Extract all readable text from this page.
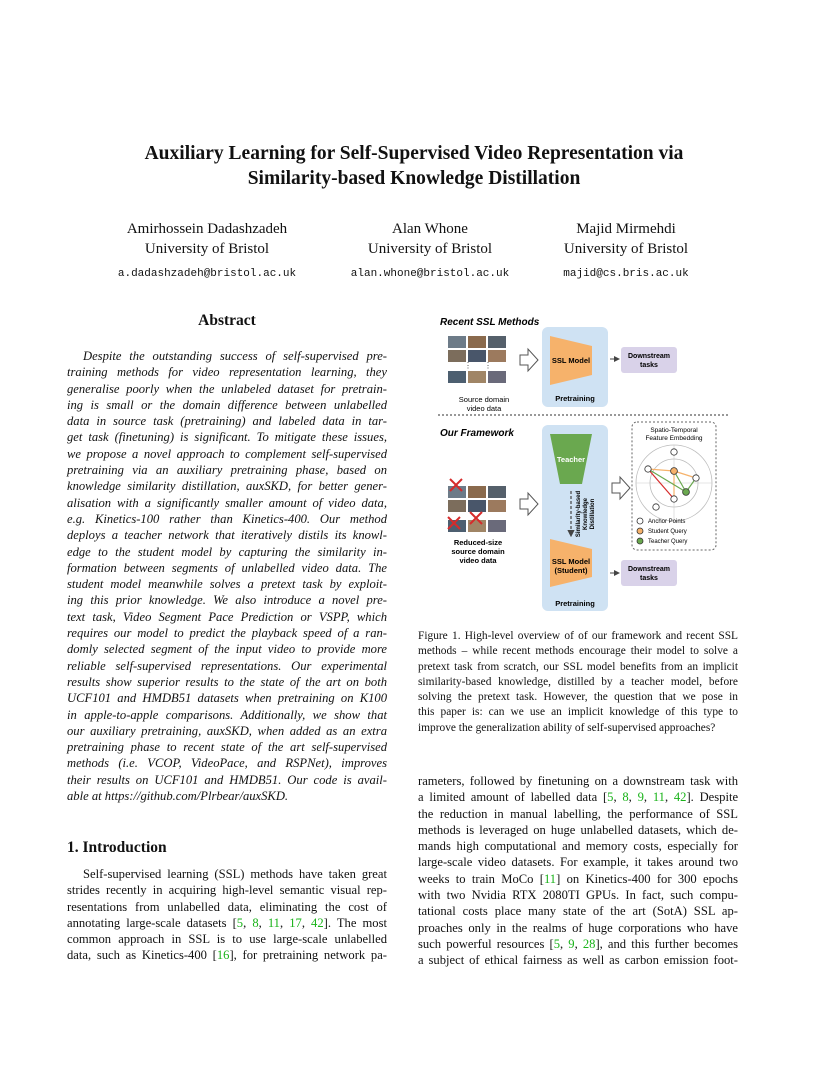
Auxiliary Learning for Self-Supervised Video Representation via
Similarity-based Knowledge Distillation
Amirhossein Dadashzadeh
University of Bristol
a.dadashzadeh@bristol.ac.uk
Alan Whone
University of Bristol
alan.whone@bristol.ac.uk
Majid Mirmehdi
University of Bristol
majid@cs.bris.ac.uk
Abstract
Despite the outstanding success of self-supervised pre-
training methods for video representation learning, they
generalise poorly when the unlabeled dataset for pretrain-
ing is small or the domain difference between unlabelled
data in source task (pretraining) and labeled data in tar-
get task (finetuning) is significant. To mitigate these issues,
we propose a novel approach to complement self-supervised
pretraining via an auxiliary pretraining phase, based on
knowledge similarity distillation, auxSKD, for better gener-
alisation with a significantly smaller amount of video data,
e.g. Kinetics-100 rather than Kinetics-400. Our method
deploys a teacher network that iteratively distils its knowl-
edge to the student model by capturing the similarity in-
formation between segments of unlabelled video data. The
student model meanwhile solves a pretext task by exploit-
ing this prior knowledge. We also introduce a novel pre-
text task, Video Segment Pace Prediction or VSPP, which
requires our model to predict the playback speed of a ran-
domly selected segment of the input video to provide more
reliable self-supervised representations. Our experimental
results show superior results to the state of the art on both
UCF101 and HMDB51 datasets when pretraining on K100
in apple-to-apple comparisons. Additionally, we show that
our auxiliary pretraining, auxSKD, when added as an extra
pretraining phase to recent state of the art self-supervised
methods (i.e. VCOP, VideoPace, and RSPNet), improves
their results on UCF101 and HMDB51. Our code is avail-
able at https://github.com/Plrbear/auxSKD.
1. Introduction
Self-supervised learning (SSL) methods have taken great
strides recently in acquiring high-level semantic visual rep-
resentations from unlabelled data, eliminating the cost of
annotating large-scale datasets [5, 8, 11, 17, 42]. The most
common approach in SSL is to use large-scale unlabelled
data, such as Kinetics-400 [16], for pretraining network pa-
rameters, followed by finetuning on a downstream task with
a limited amount of labelled data [5, 8, 9, 11, 42]. Despite
the reduction in manual labelling, the performance of SSL
methods is leveraged on huge unlabelled datasets, which de-
mands high computational and memory costs, especially for
large-scale video datasets. For example, it takes around two
weeks to train MoCo [11] on Kinetics-400 for 300 epochs
with two Nvidia RTX 2080TI GPUs. In fact, such compu-
tational costs place many state of the art (SotA) SSL ap-
proaches only in the realms of huge corporations who have
such powerful resources [5, 9, 28], and this further becomes
a subject of ethical fairness as well as carbon emission foot-
Figure 1. High-level overview of of our framework and recent SSL
methods – while recent methods encourage their model to solve a
pretext task from scratch, our SSL model benefits from an implicit
similarity-based knowledge, distilled by a teacher model, before
solving the pretext task. However, the question that we pose in
this paper is: can we use an implicit knowledge of this type to
improve the generalization ability of self-supervised approaches?
Recent SSL Methods
⋮ ⋮
Source domain
video data
SSL Model
Pretraining
Downstream
tasks
Our Framework
Teacher
Similarity-based Knowledge Distillation
SSL Model
(Student)
Pretraining
Downstream
tasks
Reduced-size
source domain
video data
Spatio-Temporal
Feature Embedding
Anchor Points
Student Query
Teacher Query
